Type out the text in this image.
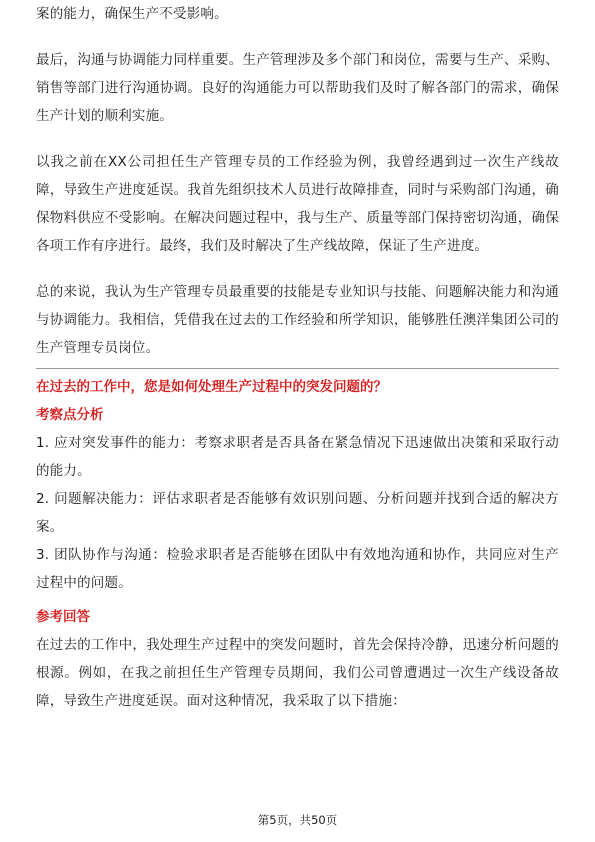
案的能力，确保生产不受影响。

最后，沟通与协调能力同样重要。生产管理涉及多个部门和岗位，需要与生产、采购、销售等部门进行沟通协调。良好的沟通能力可以帮助我们及时了解各部门的需求，确保生产计划的顺利实施。

以我之前在XX公司担任生产管理专员的工作经验为例，我曾经遇到过一次生产线故障，导致生产进度延误。我首先组织技术人员进行故障排查，同时与采购部门沟通，确保物料供应不受影响。在解决问题过程中，我与生产、质量等部门保持密切沟通，确保各项工作有序进行。最终，我们及时解决了生产线故障，保证了生产进度。

总的来说，我认为生产管理专员最重要的技能是专业知识与技能、问题解决能力和沟通与协调能力。我相信，凭借我在过去的工作经验和所学知识，能够胜任澳洋集团公司的生产管理专员岗位。

在过去的工作中，您是如何处理生产过程中的突发问题的？

考察点分析

1. 应对突发事件的能力：考察求职者是否具备在紧急情况下迅速做出决策和采取行动的能力。

2. 问题解决能力：评估求职者是否能够有效识别问题、分析问题并找到合适的解决方案。

3. 团队协作与沟通：检验求职者是否能够在团队中有效地沟通和协作，共同应对生产过程中的问题。

参考回答

在过去的工作中，我处理生产过程中的突发问题时，首先会保持冷静，迅速分析问题的根源。例如，在我之前担任生产管理专员期间，我们公司曾遭遇过一次生产线设备故障，导致生产进度延误。面对这种情况，我采取了以下措施：

第5页，共50页
